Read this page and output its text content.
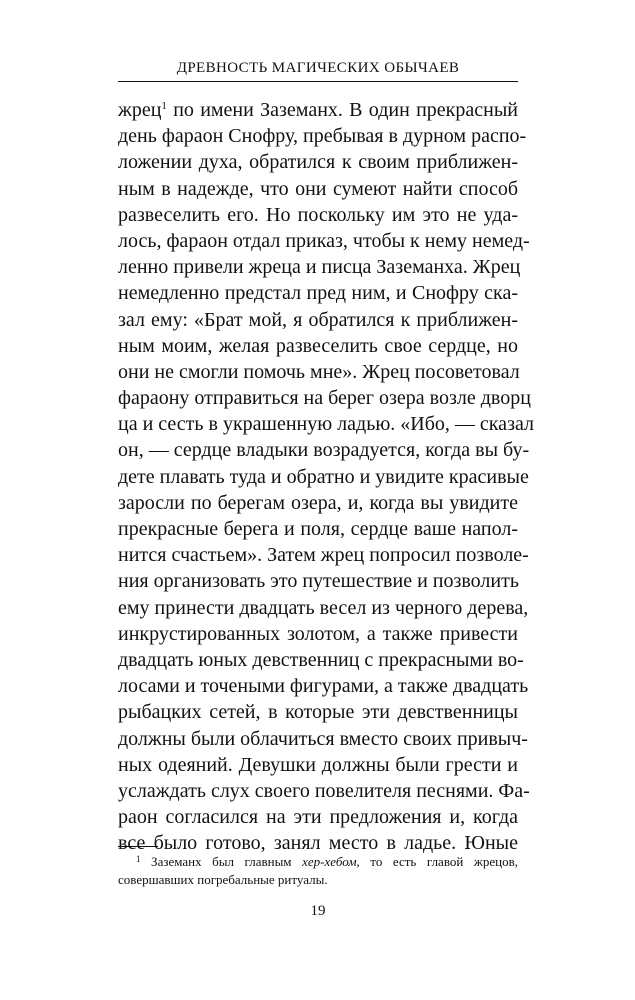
ДРЕВНОСТЬ МАГИЧЕСКИХ ОБЫЧАЕВ
жрец$^1$ по имени Заземанх. В один прекрасный
день фараон Снофру, пребывая в дурном распо-
ложении духа, обратился к своим приближен-
ным в надежде, что они сумеют найти способ
развеселить его. Но поскольку им это не уда-
лось, фараон отдал приказ, чтобы к нему немед-
ленно привели жреца и писца Заземанха. Жрец
немедленно предстал пред ним, и Снофру ска-
зал ему: «Брат мой, я обратился к приближен-
ным моим, желая развеселить свое сердце, но
они не смогли помочь мне». Жрец посоветовал
фараону отправиться на берег озера возле дворц
ца и сесть в украшенную ладью. «Ибо, — сказал
он, — сердце владыки возрадуется, когда вы бу-
дете плавать туда и обратно и увидите красивые
заросли по берегам озера, и, когда вы увидите
прекрасные берега и поля, сердце ваше напол-
нится счастьем». Затем жрец попросил позволе-
ния организовать это путешествие и позволить
ему принести двадцать весел из черного дерева,
инкрустированных золотом, а также привести
двадцать юных девственниц с прекрасными во-
лосами и точеными фигурами, а также двадцать
рыбацких сетей, в которые эти девственницы
должны были облачиться вместо своих привыч-
ных одеяний. Девушки должны были грести и
услаждать слух своего повелителя песнями. Фа-
раон согласился на эти предложения и, когда
все было готово, занял место в ладье. Юные
$^1$ Заземанх был главным хер-хебом, то есть главой жрецов,
совершавших погребальные ритуалы.
19
